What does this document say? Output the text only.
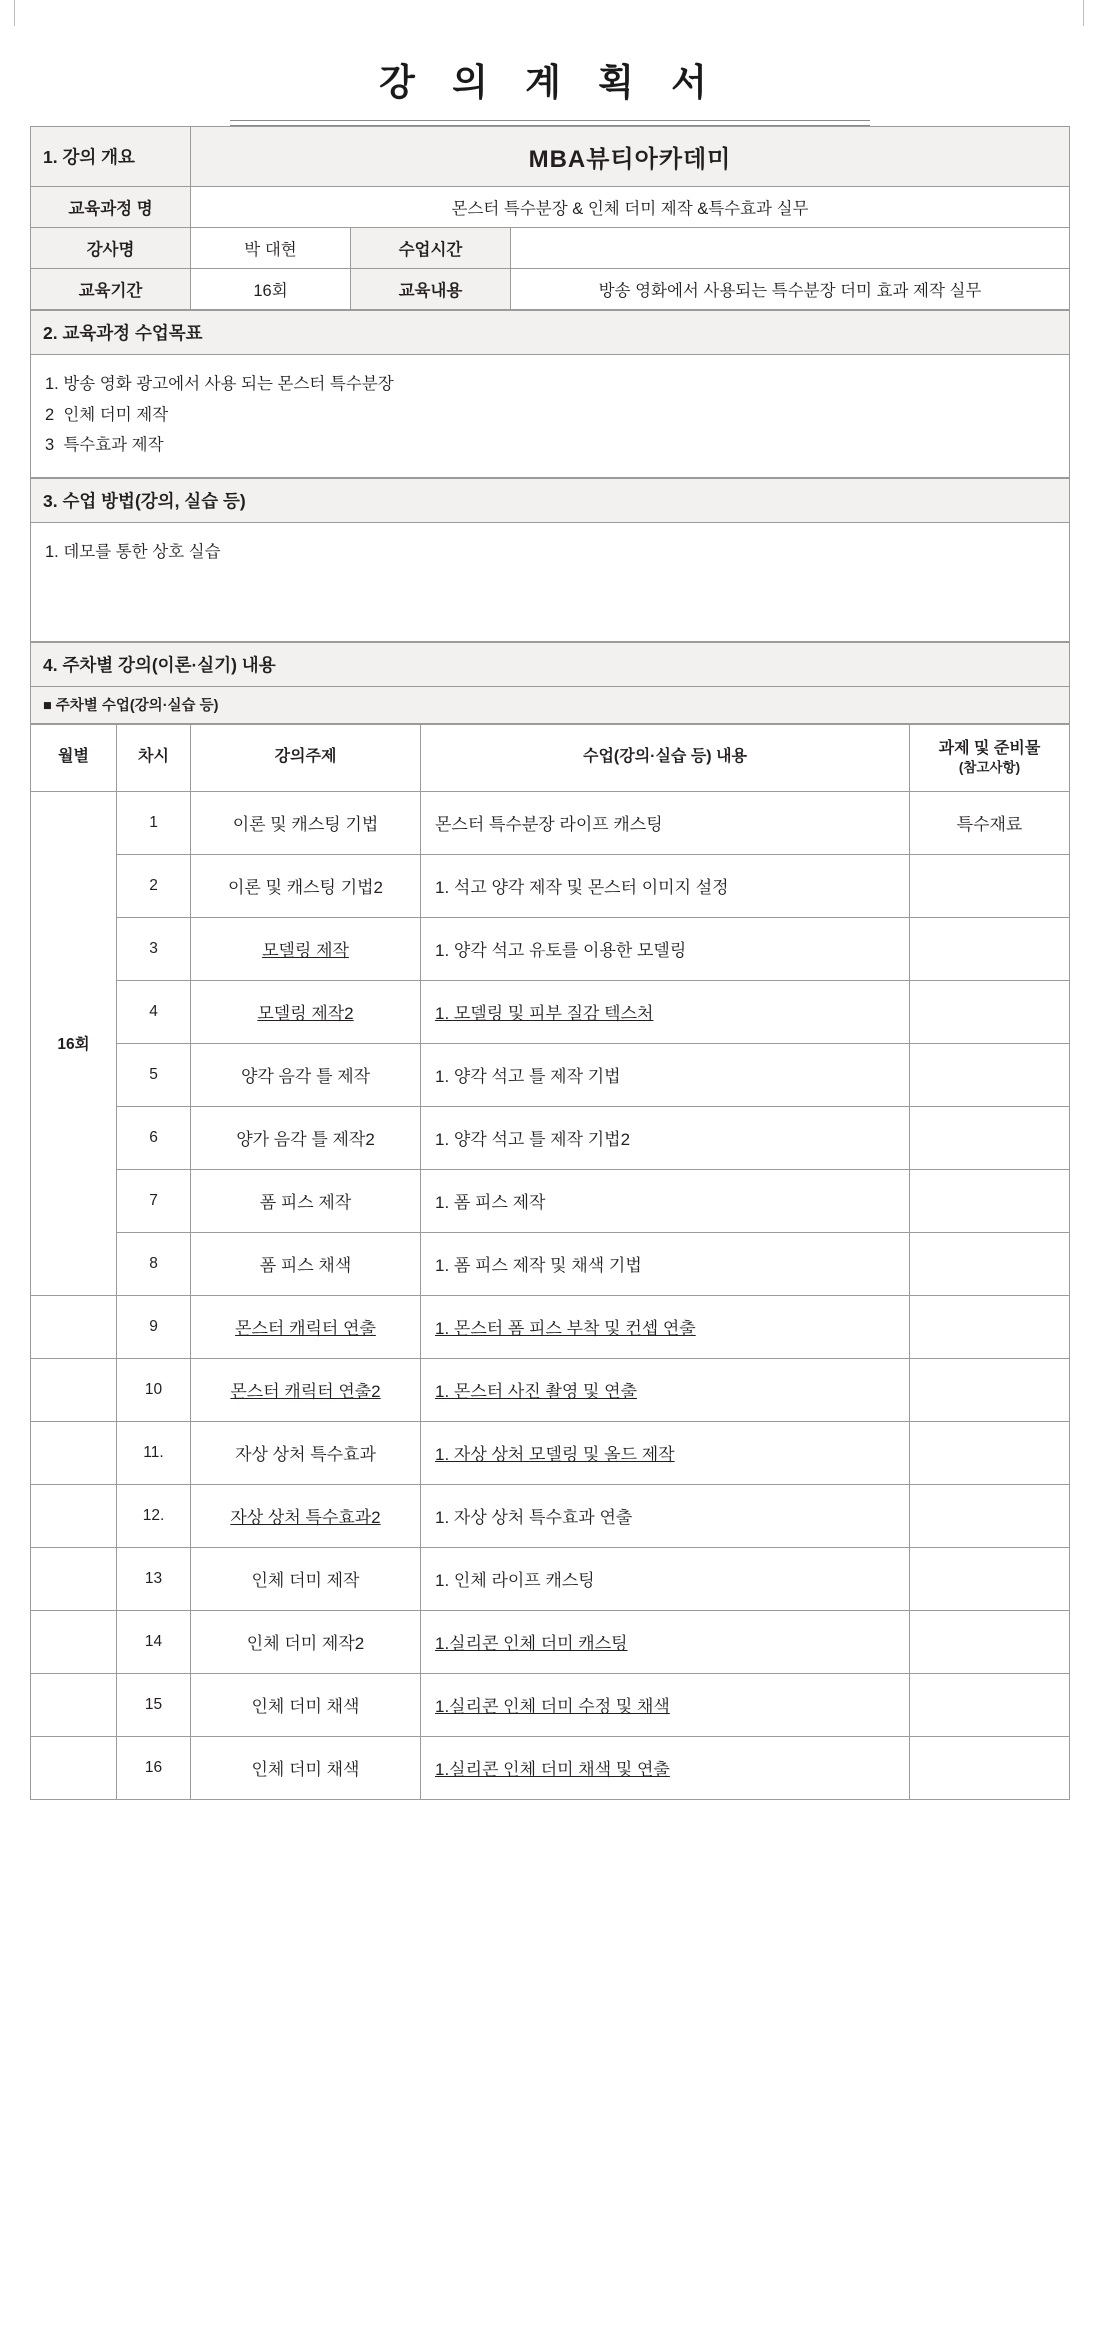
강 의 계 획 서
1. 강의 개요	MBA뷰티아카데미		
교육과정 명	몬스터 특수분장 & 인체 더미 제작 &특수효과 실무		
강사명	박 대현	수업시간	
교육기간	16회	교육내용	방송 영화에서 사용되는 특수분장 더미 효과 제작 실무
2. 교육과정 수업목표

1. 방송 영화 광고에서 사용 되는 몬스터 특수분장
2  인체 더미 제작
3  특수효과 제작
3. 수업 방법(강의, 실습 등)

1. 데모를 통한 상호 실습
4. 주차별 강의(이론·실기) 내용
■ 주차별 수업(강의·실습 등)
월별	차시	강의주제	수업(강의·실습 등) 내용	과제 및 준비물
(참고사항)

16회	1	이론 및 캐스팅 기법	몬스터 특수분장 라이프 캐스팅	특수재료
	2	이론 및 캐스팅 기법2	1. 석고 양각 제작 및 몬스터 이미지 설정	
	3	모델링 제작	1. 양각 석고 유토를 이용한 모델링	
	4	모델링 제작2	1. 모델링 및 피부 질감 텍스처	
	5	양각 음각 틀 제작	1. 양각 석고 틀 제작 기법	
	6	양가 음각 틀 제작2	1. 양각 석고 틀 제작 기법2	
	7	폼 피스 제작	1. 폼 피스 제작	
	8	폼 피스 채색	1. 폼 피스 제작 및 채색 기법	
	9	몬스터 캐릭터 연출	1. 몬스터 폼 피스 부착 및 컨셉 연출	
	10	몬스터 캐릭터 연출2	1. 몬스터 사진 촬영 및 연출	
	11.	자상 상처 특수효과	1. 자상 상처 모델링 및 올드 제작	
	12.	자상 상처 특수효과2	1. 자상 상처 특수효과 연출	
	13	인체 더미 제작	1. 인체 라이프 캐스팅	
	14	인체 더미 제작2	1.실리콘 인체 더미 캐스팅	
	15	인체 더미 채색	1.실리콘 인체 더미 수정 및 채색	
	16	인체 더미 채색	1.실리콘 인체 더미 채색 및 연출	
